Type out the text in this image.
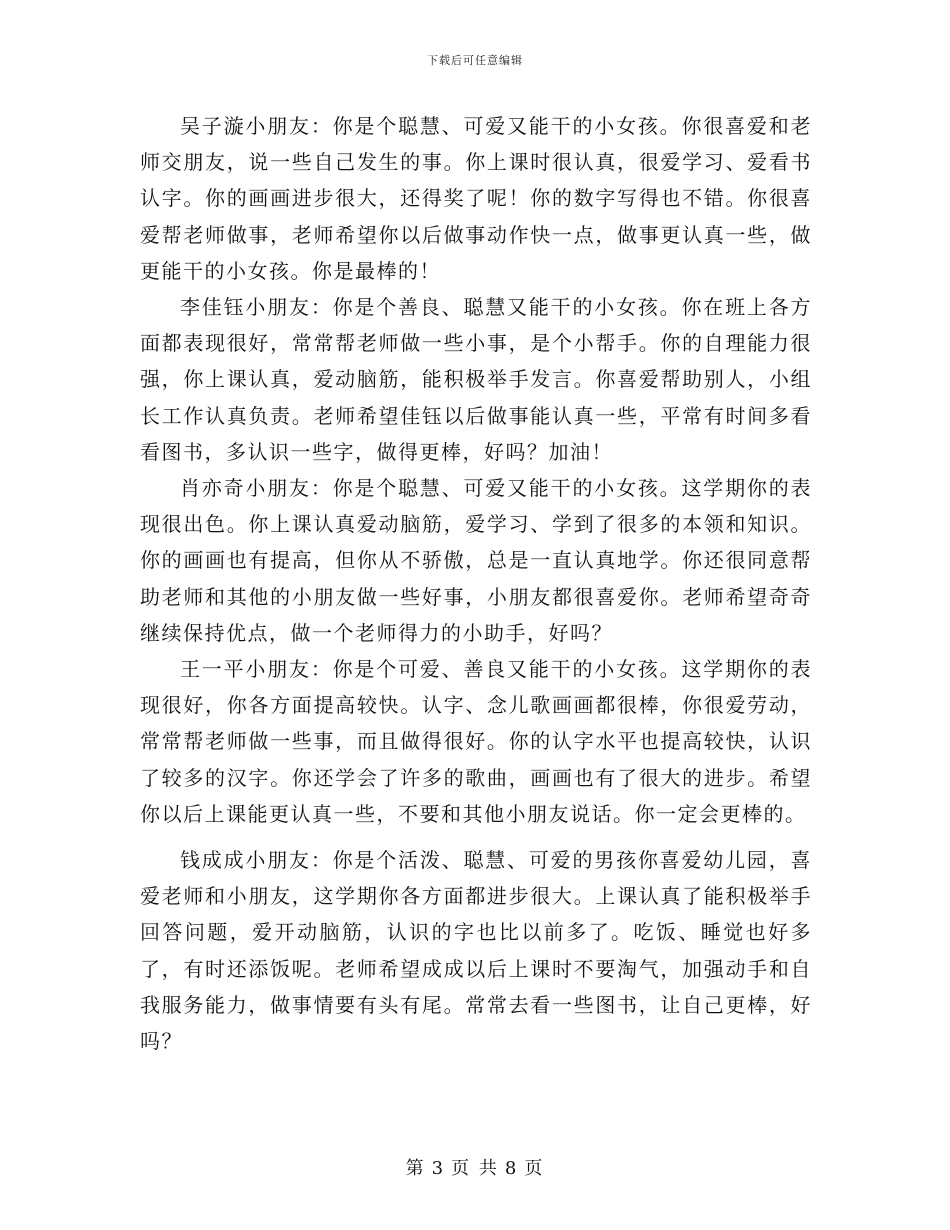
下载后可任意编辑

吴子漩小朋友：你是个聪慧、可爱又能干的小女孩。你很喜爱和老师交朋友，说一些自己发生的事。你上课时很认真，很爱学习、爱看书认字。你的画画进步很大，还得奖了呢！你的数字写得也不错。你很喜爱帮老师做事，老师希望你以后做事动作快一点，做事更认真一些，做更能干的小女孩。你是最棒的！

李佳钰小朋友：你是个善良、聪慧又能干的小女孩。你在班上各方面都表现很好，常常帮老师做一些小事，是个小帮手。你的自理能力很强，你上课认真，爱动脑筋，能积极举手发言。你喜爱帮助别人，小组长工作认真负责。老师希望佳钰以后做事能认真一些，平常有时间多看看图书，多认识一些字，做得更棒，好吗？加油！

肖亦奇小朋友：你是个聪慧、可爱又能干的小女孩。这学期你的表现很出色。你上课认真爱动脑筋，爱学习、学到了很多的本领和知识。你的画画也有提高，但你从不骄傲，总是一直认真地学。你还很同意帮助老师和其他的小朋友做一些好事，小朋友都很喜爱你。老师希望奇奇继续保持优点，做一个老师得力的小助手，好吗？

王一平小朋友：你是个可爱、善良又能干的小女孩。这学期你的表现很好，你各方面提高较快。认字、念儿歌画画都很棒，你很爱劳动，常常帮老师做一些事，而且做得很好。你的认字水平也提高较快，认识了较多的汉字。你还学会了许多的歌曲，画画也有了很大的进步。希望你以后上课能更认真一些，不要和其他小朋友说话。你一定会更棒的。

钱成成小朋友：你是个活泼、聪慧、可爱的男孩你喜爱幼儿园，喜爱老师和小朋友，这学期你各方面都进步很大。上课认真了能积极举手回答问题，爱开动脑筋，认识的字也比以前多了。吃饭、睡觉也好多了，有时还添饭呢。老师希望成成以后上课时不要淘气，加强动手和自我服务能力，做事情要有头有尾。常常去看一些图书，让自己更棒，好吗？

第 3 页 共 8 页
